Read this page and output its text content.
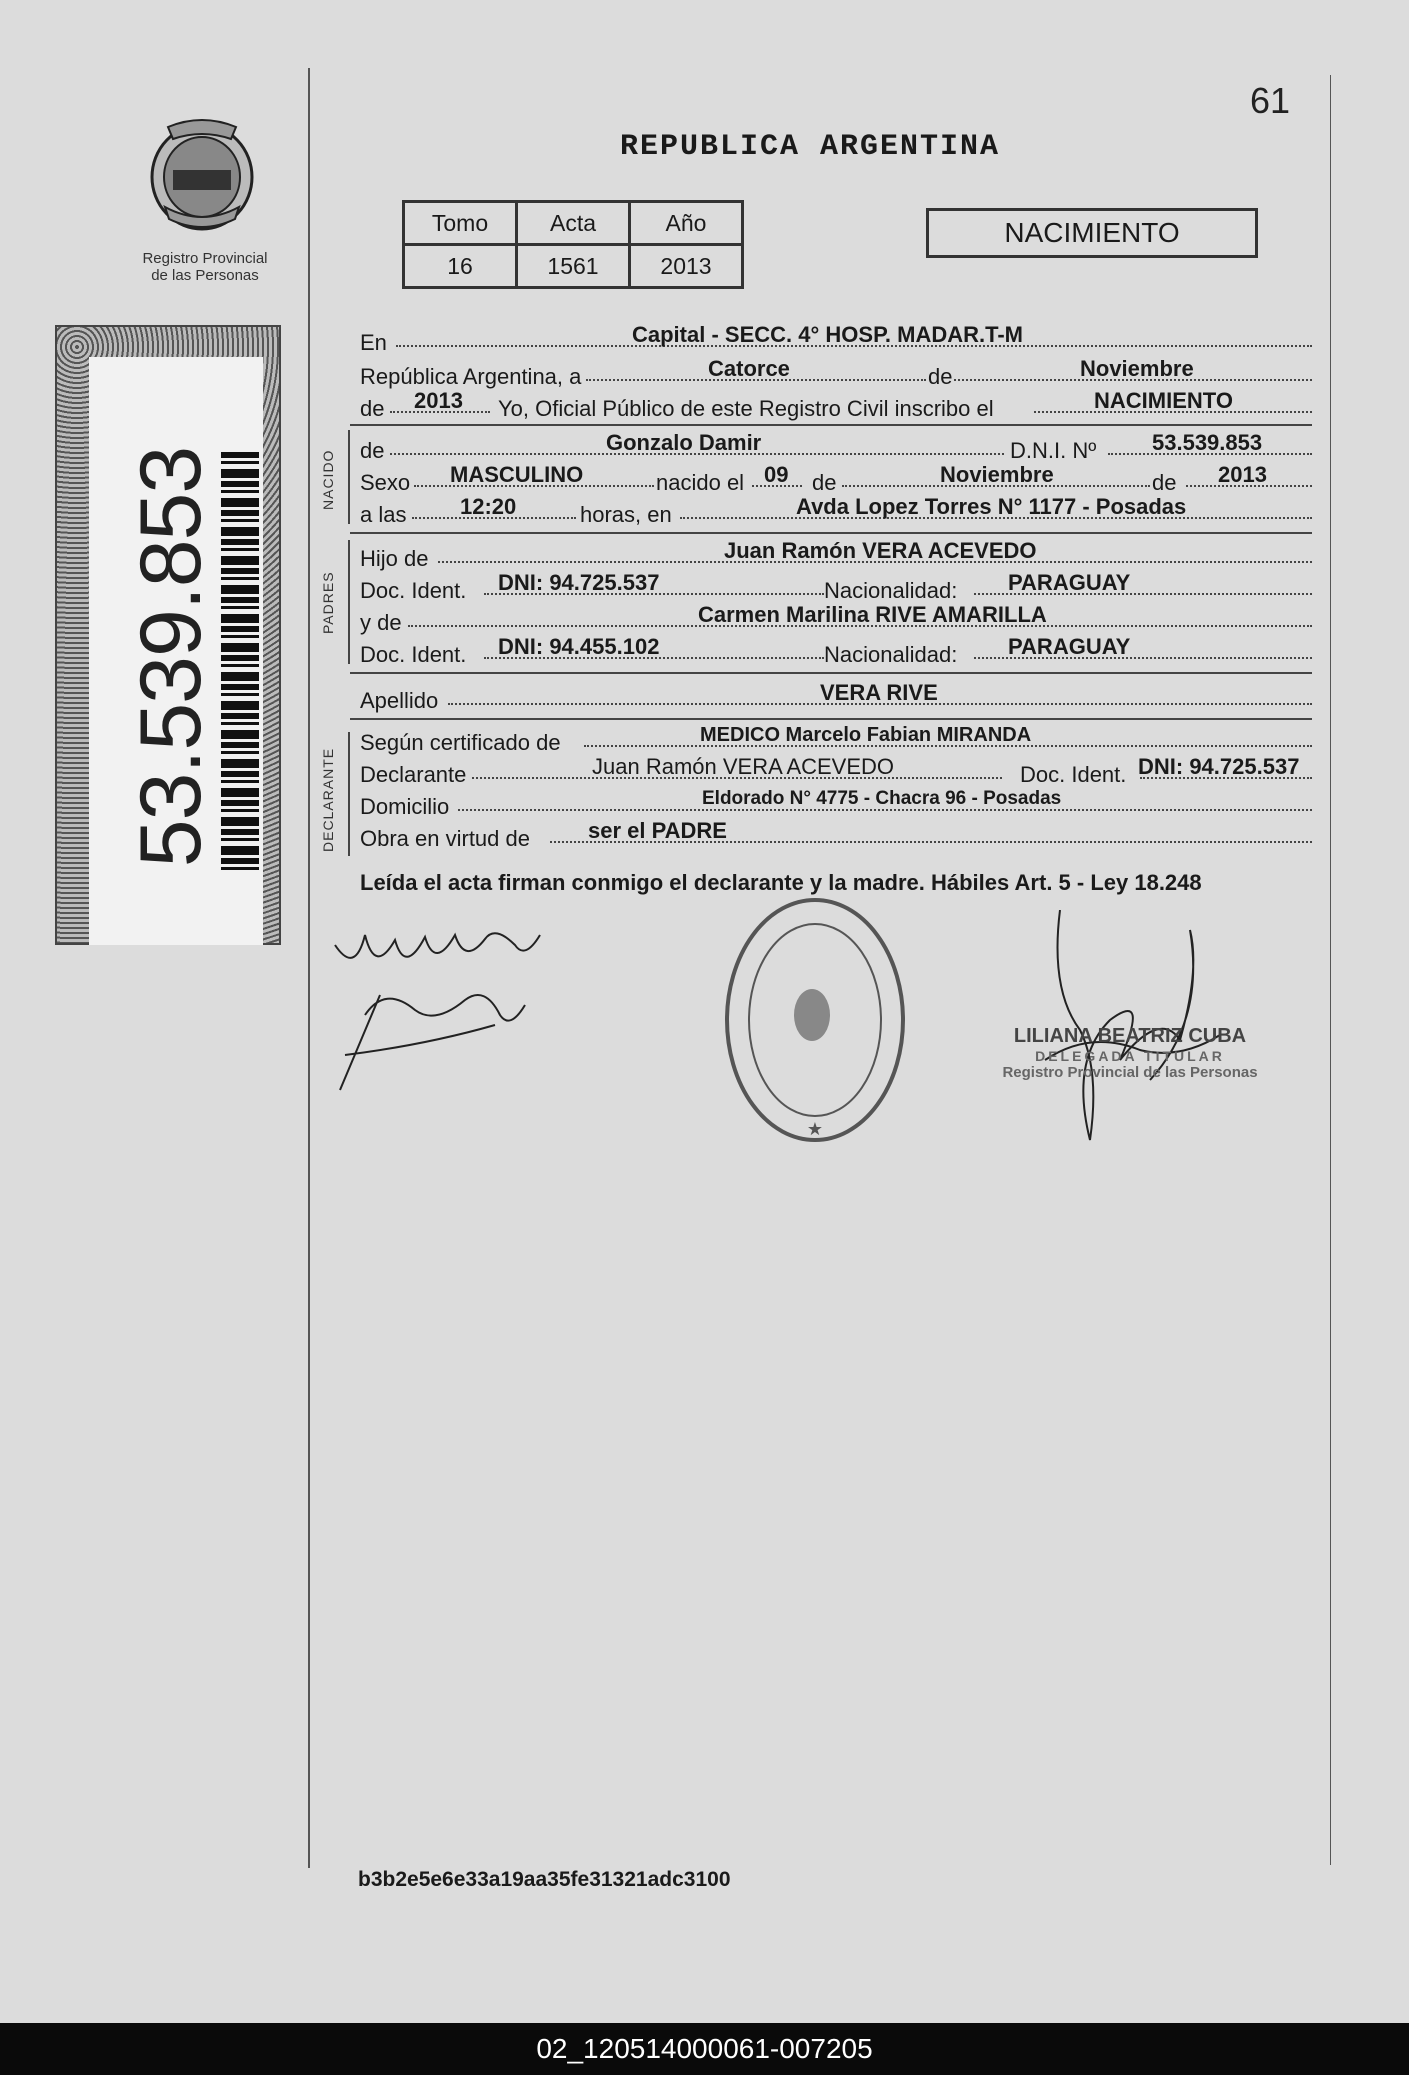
Registro Provincial
de las Personas
53.539.853
61
REPUBLICA ARGENTINA
Tomo	Acta	Año
16	1561	2013
NACIMIENTO
En	Capital - SECC. 4° HOSP. MADAR.T-M
República Argentina, a	Catorce	de	Noviembre
de 2013 Yo, Oficial Público de este Registro Civil inscribo el	NACIMIENTO
NACIDO de	Gonzalo Damir	D.N.I. Nº	53.539.853
Sexo MASCULINO	nacido el 09 de	Noviembre	de 2013
a las 12:20	horas, en	Avda Lopez Torres N° 1177 - Posadas
PADRES
Hijo de	Juan Ramón VERA ACEVEDO
Doc. Ident. DNI: 94.725.537	Nacionalidad: PARAGUAY
y de	Carmen Marilina RIVE AMARILLA
Doc. Ident. DNI: 94.455.102	Nacionalidad: PARAGUAY
Apellido	VERA RIVE
DECLARANTE
Según certificado de	MEDICO Marcelo Fabian MIRANDA
Declarante	Juan Ramón VERA ACEVEDO	Doc. Ident. DNI: 94.725.537
Domicilio	Eldorado N° 4775 - Chacra 96 - Posadas
Obra en virtud de	ser el PADRE
Leída el acta firman conmigo el declarante y la madre. Hábiles Art. 5 - Ley 18.248
★
LILIANA BEATRIZ CUBA
DELEGADA TITULAR
Registro Provincial de las Personas
b3b2e5e6e33a19aa35fe31321adc3100
02_120514000061-007205
